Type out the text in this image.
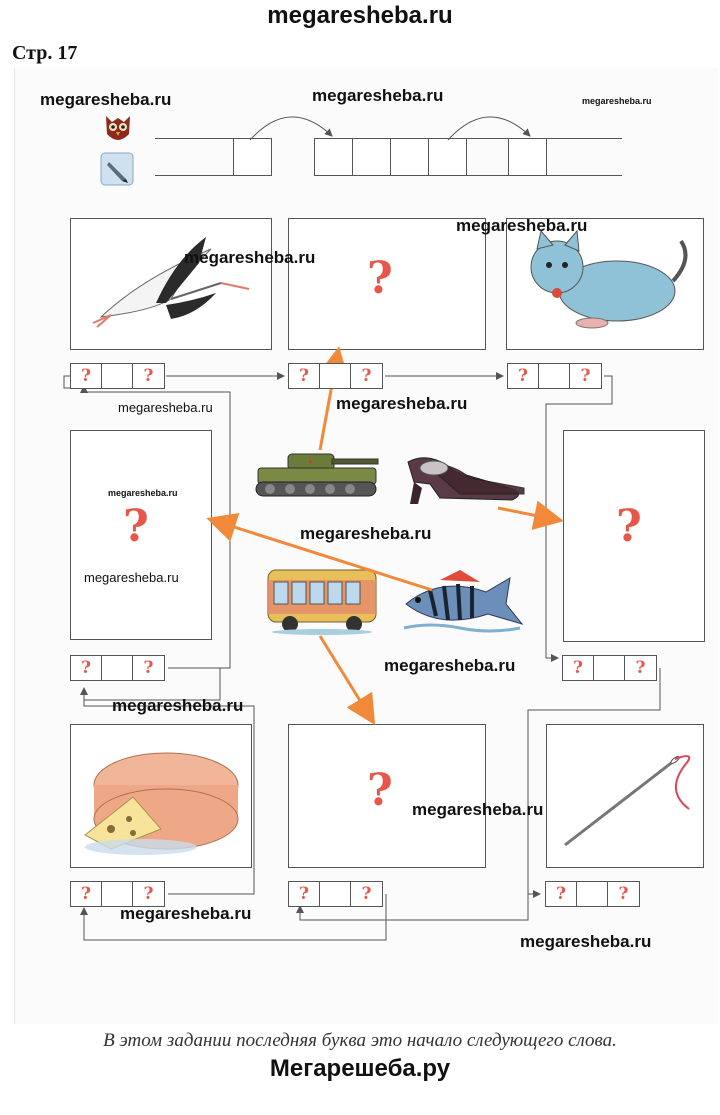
megaresheba.ru
Стр. 17
?
?	?
?
?	?	?	?	?	?
?	?	?	?
?	?	?	?	?	?
megaresheba.ru	megaresheba.ru	megaresheba.ru
megaresheba.ru
megaresheba.ru
megaresheba.ru
megaresheba.ru
megaresheba.ru
megaresheba.ru
megaresheba.ru
megaresheba.ru
megaresheba.ru
megaresheba.ru
megaresheba.ru
megaresheba.ru
В этом задании последняя буква это начало следующего слова.
Мегарешеба.ру
